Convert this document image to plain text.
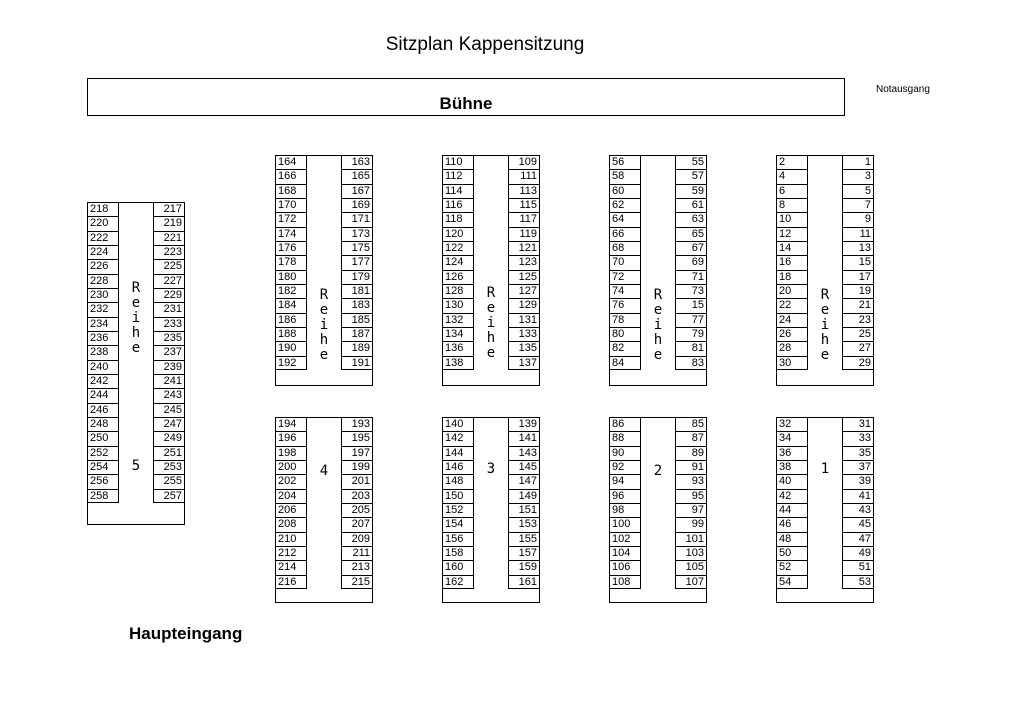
Sitzplan Kappensitzung
Bühne
Notausgang
R
e
i
h
e
5
218
220
222
224
226
228
230
232
234
236
238
240
242
244
246
248
250
252
254
256
258
217
219
221
223
225
227
229
231
233
235
237
239
241
243
245
247
249
251
253
255
257
R
e
i
h
e
164
166
168
170
172
174
176
178
180
182
184
186
188
190
192
163
165
167
169
171
173
175
177
179
181
183
185
187
189
191
R
e
i
h
e
110
112
114
116
118
120
122
124
126
128
130
132
134
136
138
109
111
113
115
117
119
121
123
125
127
129
131
133
135
137
R
e
i
h
e
56
58
60
62
64
66
68
70
72
74
76
78
80
82
84
55
57
59
61
63
65
67
69
71
73
15
77
79
81
83
R
e
i
h
e
2
4
6
8
10
12
14
16
18
20
22
24
26
28
30
1
3
5
7
9
11
13
15
17
19
21
23
25
27
29
4
194
196
198
200
202
204
206
208
210
212
214
216
193
195
197
199
201
203
205
207
209
211
213
215
3
140
142
144
146
148
150
152
154
156
158
160
162
139
141
143
145
147
149
151
153
155
157
159
161
2
86
88
90
92
94
96
98
100
102
104
106
108
85
87
89
91
93
95
97
99
101
103
105
107
1
32
34
36
38
40
42
44
46
48
50
52
54
31
33
35
37
39
41
43
45
47
49
51
53
Haupteingang
